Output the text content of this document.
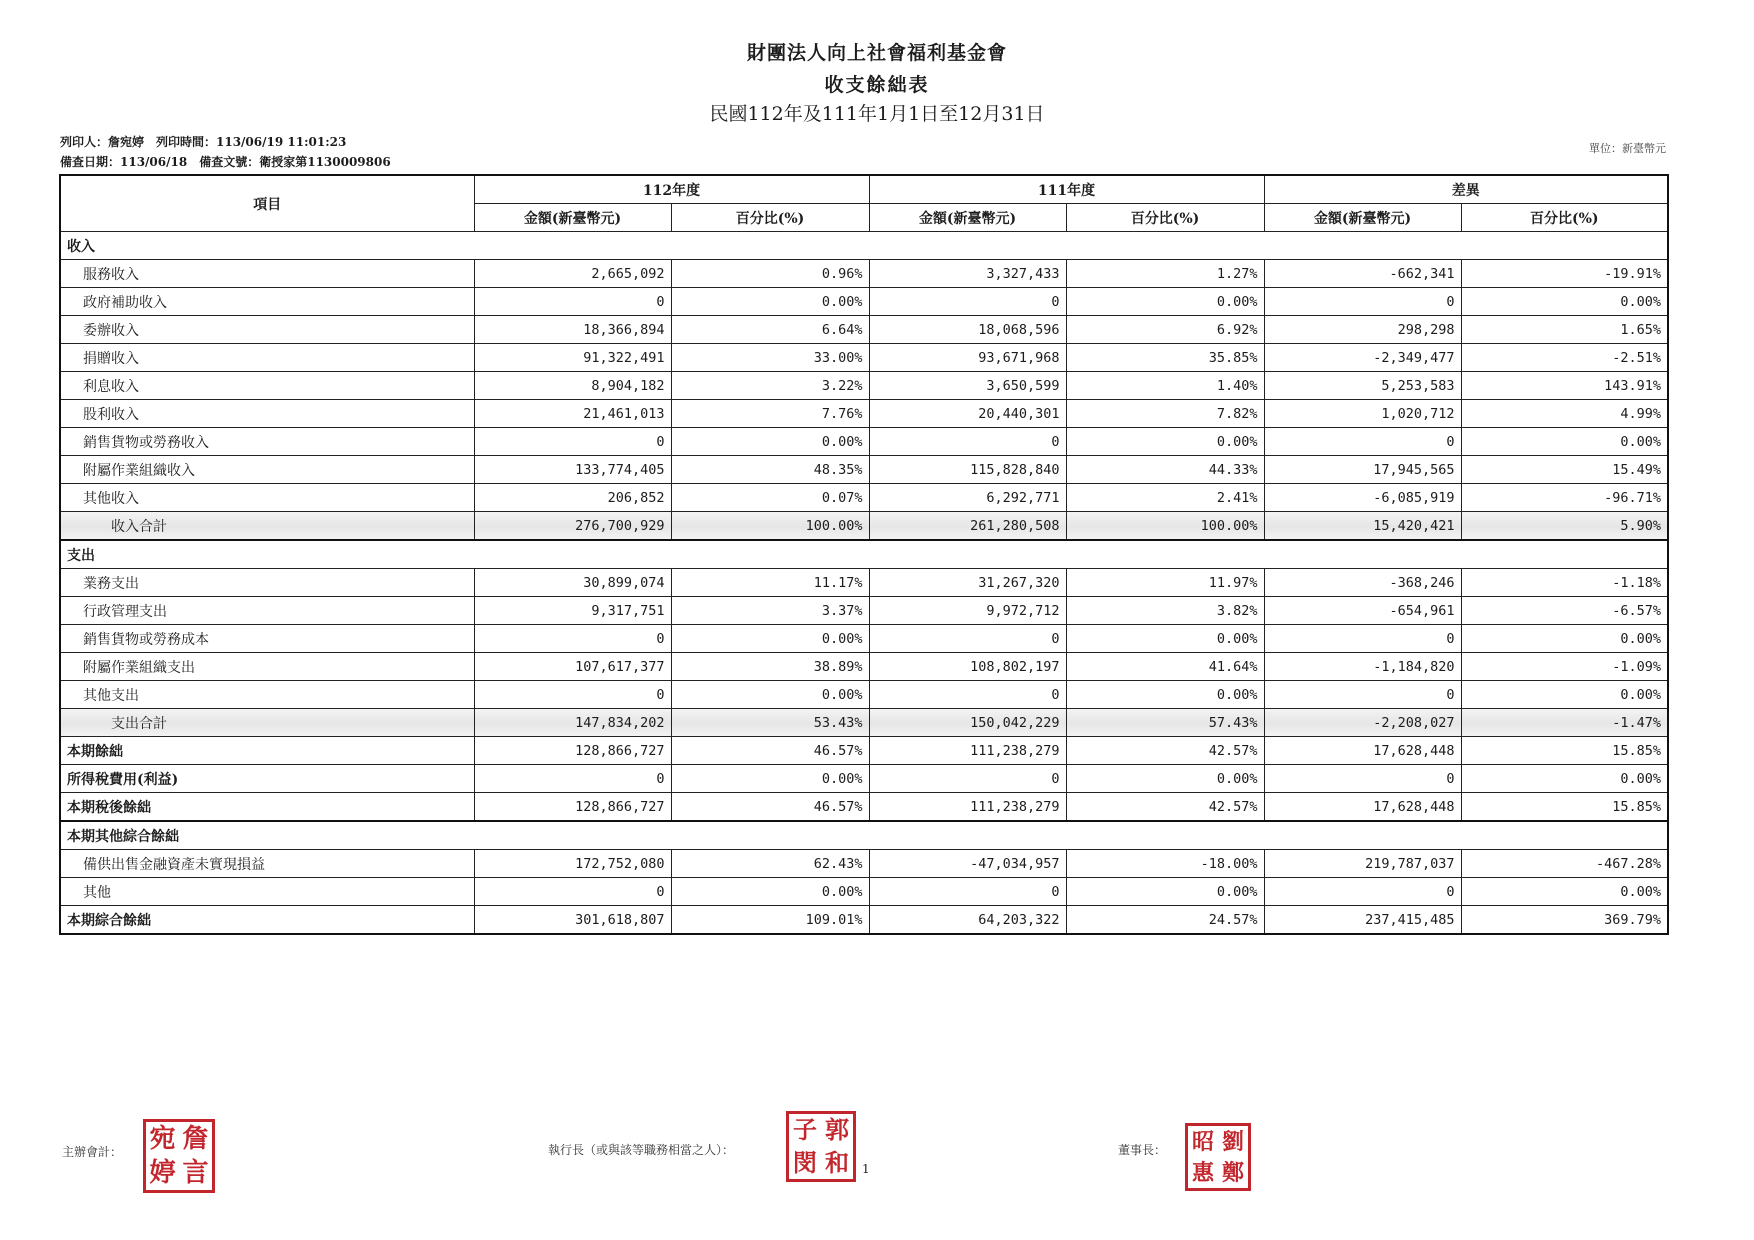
財團法人向上社會福利基金會
收支餘絀表
民國112年及111年1月1日至12月31日
列印人：詹宛婷　列印時間：113/06/19 11:01:23
備查日期：113/06/18　備查文號：衛授家第1130009806
單位：新臺幣元
項目	112年度		111年度		差異	
	金額(新臺幣元)	百分比(%)	金額(新臺幣元)	百分比(%)	金額(新臺幣元)	百分比(%)
收入						
服務收入	2,665,092	0.96%	3,327,433	1.27%	-662,341	-19.91%
政府補助收入	0	0.00%	0	0.00%	0	0.00%
委辦收入	18,366,894	6.64%	18,068,596	6.92%	298,298	1.65%
捐贈收入	91,322,491	33.00%	93,671,968	35.85%	-2,349,477	-2.51%
利息收入	8,904,182	3.22%	3,650,599	1.40%	5,253,583	143.91%
股利收入	21,461,013	7.76%	20,440,301	7.82%	1,020,712	4.99%
銷售貨物或勞務收入	0	0.00%	0	0.00%	0	0.00%
附屬作業組織收入	133,774,405	48.35%	115,828,840	44.33%	17,945,565	15.49%
其他收入	206,852	0.07%	6,292,771	2.41%	-6,085,919	-96.71%
收入合計	276,700,929	100.00%	261,280,508	100.00%	15,420,421	5.90%
支出						
業務支出	30,899,074	11.17%	31,267,320	11.97%	-368,246	-1.18%
行政管理支出	9,317,751	3.37%	9,972,712	3.82%	-654,961	-6.57%
銷售貨物或勞務成本	0	0.00%	0	0.00%	0	0.00%
附屬作業組織支出	107,617,377	38.89%	108,802,197	41.64%	-1,184,820	-1.09%
其他支出	0	0.00%	0	0.00%	0	0.00%
支出合計	147,834,202	53.43%	150,042,229	57.43%	-2,208,027	-1.47%
本期餘絀	128,866,727	46.57%	111,238,279	42.57%	17,628,448	15.85%
所得稅費用(利益)	0	0.00%	0	0.00%	0	0.00%
本期稅後餘絀	128,866,727	46.57%	111,238,279	42.57%	17,628,448	15.85%
本期其他綜合餘絀						
備供出售金融資產未實現損益	172,752,080	62.43%	-47,034,957	-18.00%	219,787,037	-467.28%
其他	0	0.00%	0	0.00%	0	0.00%
本期綜合餘絀	301,618,807	109.01%	64,203,322	24.57%	237,415,485	369.79%
主辦會計： 宛 詹
婷 言
執行長（或與該等職務相當之人）：
子 郭
閔 和 1
董事長： 昭 劉
惠 鄭
